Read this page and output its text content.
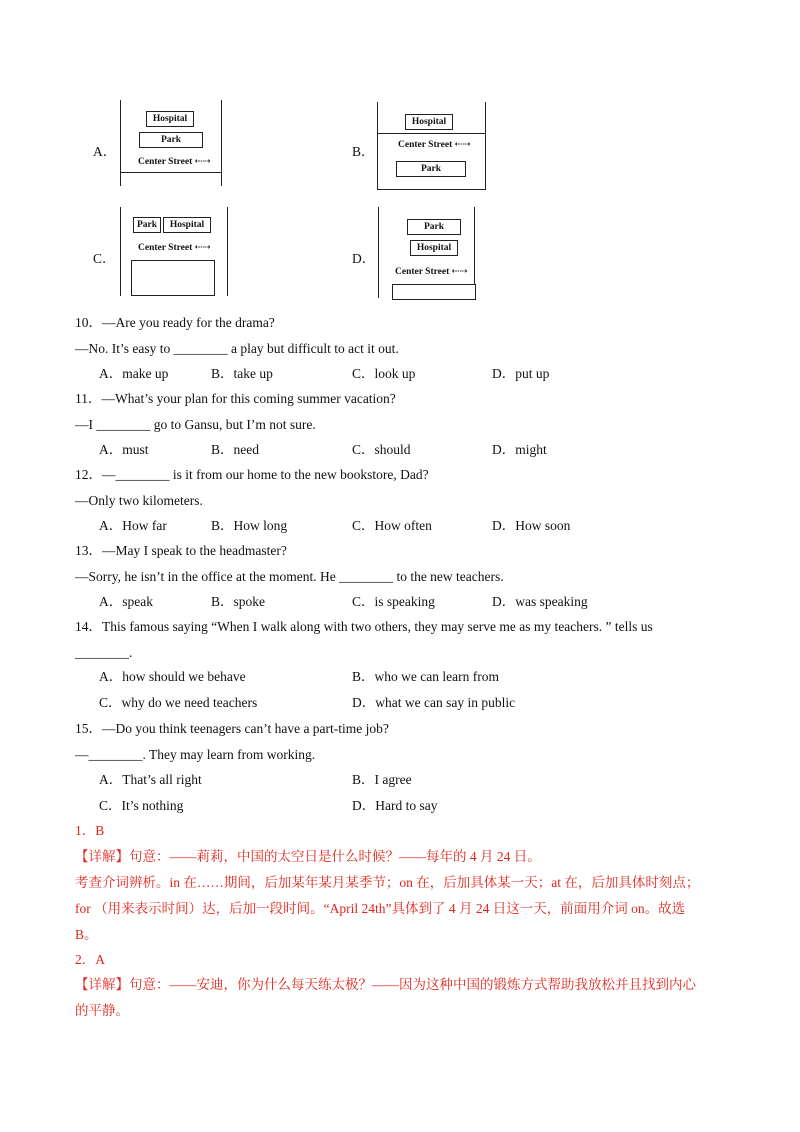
A．
Hospital
Park
Center Street ⇠⇢
B．
Hospital
Center Street ⇠⇢
Park
C．
Park	Hospital
Center Street ⇠⇢
D．
Park
Hospital
Center Street ⇠⇢
10．—Are you ready for the drama?
—No. It’s easy to ________ a play but difficult to act it out.
A．make up	B．take up	C．look up	D．put up
11．—What’s your plan for this coming summer vacation?
—I ________ go to Gansu, but I’m not sure.
A．must	B．need	C．should	D．might
12．—________ is it from our home to the new bookstore, Dad?
—Only two kilometers.
A．How far	B．How long	C．How often	D．How soon
13．—May I speak to the headmaster?
—Sorry, he isn’t in the office at the moment. He ________ to the new teachers.
A．speak	B．spoke	C．is speaking	D．was speaking
14．This famous saying “When I walk along with two others, they may serve me as my teachers. ” tells us
________.
A．how should we behave	B．who we can learn from
C．why do we need teachers	D．what we can say in public
15．—Do you think teenagers can’t have a part-time job?
—________. They may learn from working.
A．That’s all right	B．I agree
C．It’s nothing	D．Hard to say
1．B
【详解】句意：——莉莉，中国的太空日是什么时候？——每年的 4 月 24 日。
考查介词辨析。in 在……期间，后加某年某月某季节；on 在，后加具体某一天；at 在，后加具体时刻点；
for （用来表示时间）达，后加一段时间。“April 24th”具体到了 4 月 24 日这一天，前面用介词 on。故选
B。
2．A
【详解】句意：——安迪，你为什么每天练太极？——因为这种中国的锻炼方式帮助我放松并且找到内心
的平静。
